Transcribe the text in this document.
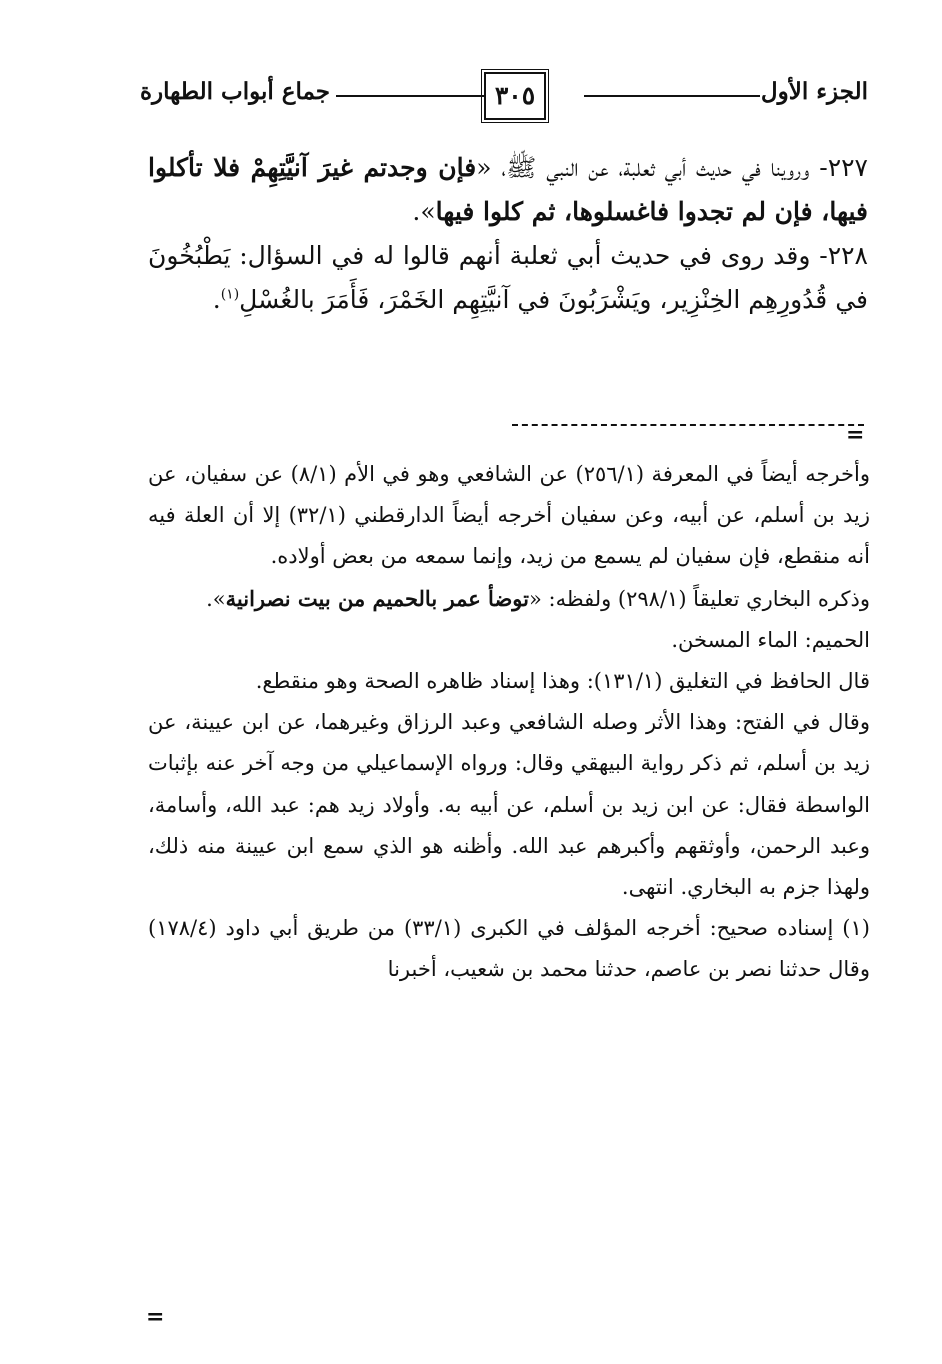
الجزء الأول
٣٠٥
جماع أبواب الطهارة

٢٢٧- وروينا في حديث أبي ثعلبة، عن النبي ﷺ، «فإن وجدتم غيرَ آنيَّتِهِمْ فلا تأكلوا فيها، فإن لم تجدوا فاغسلوها، ثم كلوا فيها».

٢٢٨- وقد روى في حديث أبي ثعلبة أنهم قالوا له في السؤال: يَطْبُخُونَ في قُدُورِهِم الخِنْزِير، ويَشْرَبُونَ في آنيَّتِهِم الخَمْرَ، فَأَمَرَ بالغُسْلِ$^{(١)}$.

=

وأخرجه أيضاً في المعرفة (٢٥٦/١) عن الشافعي وهو في الأم (٨/١) عن سفيان، عن زيد بن أسلم، عن أبيه، وعن سفيان أخرجه أيضاً الدارقطني (٣٢/١) إلا أن العلة فيه أنه منقطع، فإن سفيان لم يسمع من زيد، وإنما سمعه من بعض أولاده.

وذكره البخاري تعليقاً (٢٩٨/١) ولفظه: «توضأ عمر بالحميم من بيت نصرانية».

الحميم: الماء المسخن.

قال الحافظ في التغليق (١٣١/١): وهذا إسناد ظاهره الصحة وهو منقطع.

وقال في الفتح: وهذا الأثر وصله الشافعي وعبد الرزاق وغيرهما، عن ابن عيينة، عن زيد بن أسلم، ثم ذكر رواية البيهقي وقال: ورواه الإسماعيلي من وجه آخر عنه بإثبات الواسطة فقال: عن ابن زيد بن أسلم، عن أبيه به. وأولاد زيد هم: عبد الله، وأسامة، وعبد الرحمن، وأوثقهم وأكبرهم عبد الله. وأظنه هو الذي سمع ابن عيينة منه ذلك، ولهذا جزم به البخاري. انتهى.

(١) إسناده صحيح: أخرجه المؤلف في الكبرى (٣٣/١) من طريق أبي داود (١٧٨/٤) وقال حدثنا نصر بن عاصم، حدثنا محمد بن شعيب، أخبرنا

=
